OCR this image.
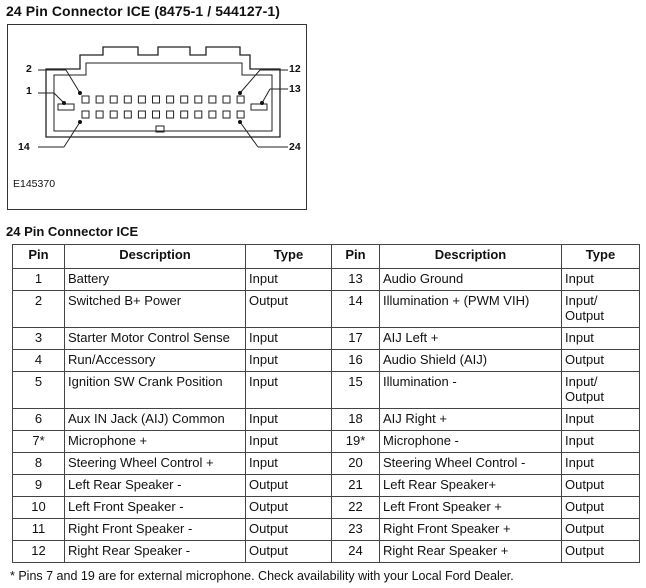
24 Pin Connector ICE (8475-1 / 544127-1)
2
1
12
13
14	24
E145370
24 Pin Connector ICE
Pin	Description	Type	Pin	Description	Type
1	Battery	Input	13	Audio Ground	Input
2	Switched B+ Power	Output	14	Illumination + (PWM VIH)	Input/
Output
3	Starter Motor Control Sense	Input	17	AIJ Left +	Input
4	Run/Accessory	Input	16	Audio Shield (AIJ)	Output
5	Ignition SW Crank Position	Input	15	Illumination -	Input/
Output
6	Aux IN Jack (AIJ) Common	Input	18	AIJ Right +	Input
7*	Microphone +	Input	19*	Microphone -	Input
8	Steering Wheel Control +	Input	20	Steering Wheel Control -	Input
9	Left Rear Speaker -	Output	21	Left Rear Speaker+	Output
10	Left Front Speaker -	Output	22	Left Front Speaker +	Output
11	Right Front Speaker -	Output	23	Right Front Speaker +	Output
12	Right Rear Speaker -	Output	24	Right Rear Speaker +	Output
* Pins 7 and 19 are for external microphone. Check availability with your Local Ford Dealer.
